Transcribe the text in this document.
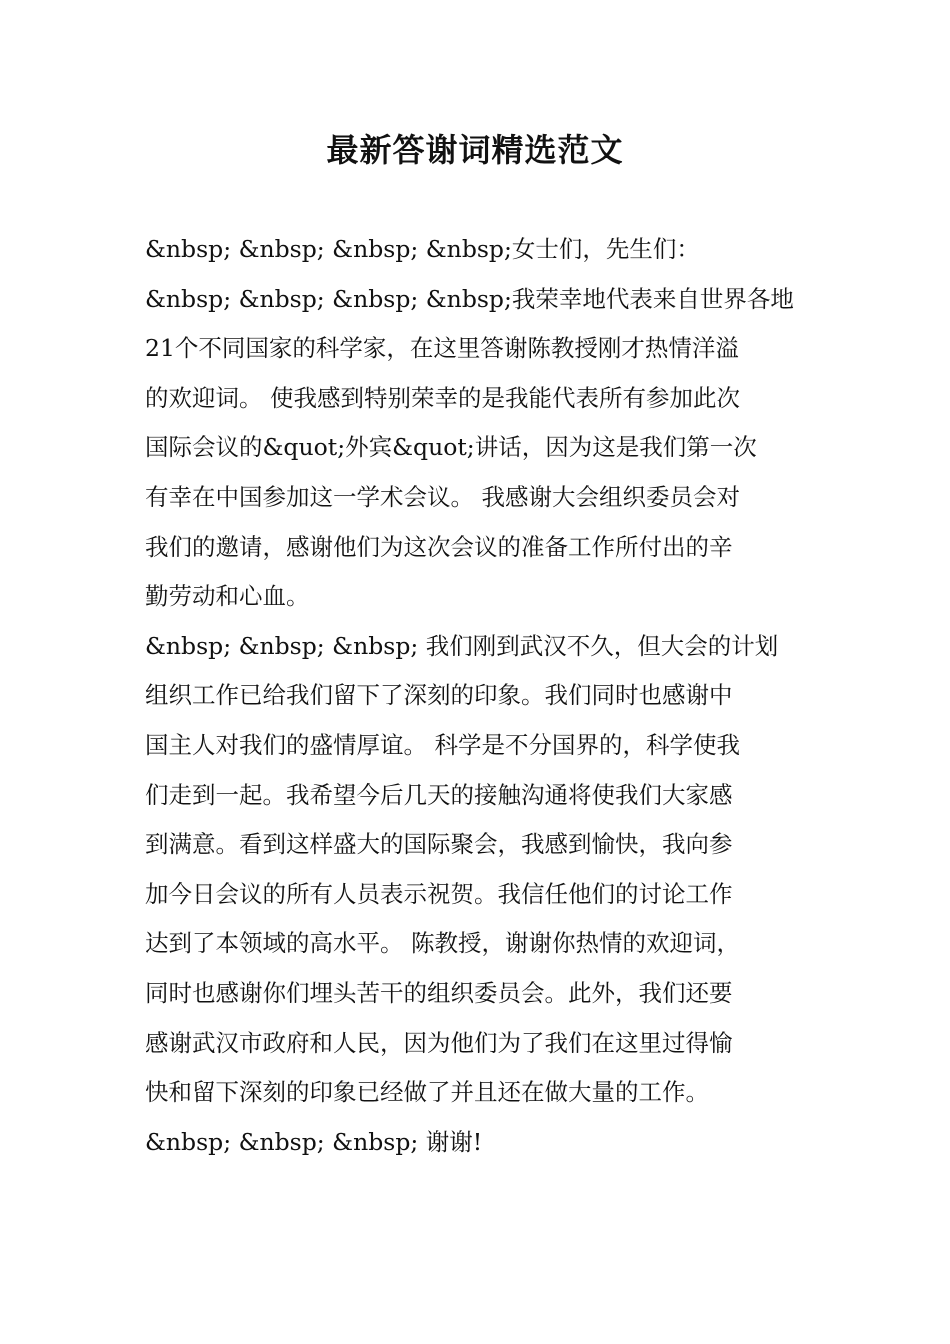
最新答谢词精选范文

&nbsp; &nbsp; &nbsp; &nbsp;女士们，先生们：

&nbsp; &nbsp; &nbsp; &nbsp;我荣幸地代表来自世界各地
21个不同国家的科学家，在这里答谢陈教授刚才热情洋溢
的欢迎词。 使我感到特别荣幸的是我能代表所有参加此次
国际会议的&quot;外宾&quot;讲话，因为这是我们第一次
有幸在中国参加这一学术会议。 我感谢大会组织委员会对
我们的邀请，感谢他们为这次会议的准备工作所付出的辛
勤劳动和心血。

&nbsp; &nbsp; &nbsp; 我们刚到武汉不久，但大会的计划
组织工作已给我们留下了深刻的印象。我们同时也感谢中
国主人对我们的盛情厚谊。 科学是不分国界的，科学使我
们走到一起。我希望今后几天的接触沟通将使我们大家感
到满意。看到这样盛大的国际聚会，我感到愉快，我向参
加今日会议的所有人员表示祝贺。我信任他们的讨论工作
达到了本领域的高水平。 陈教授，谢谢你热情的欢迎词，
同时也感谢你们埋头苦干的组织委员会。此外，我们还要
感谢武汉市政府和人民，因为他们为了我们在这里过得愉
快和留下深刻的印象已经做了并且还在做大量的工作。

&nbsp; &nbsp; &nbsp; 谢谢!
